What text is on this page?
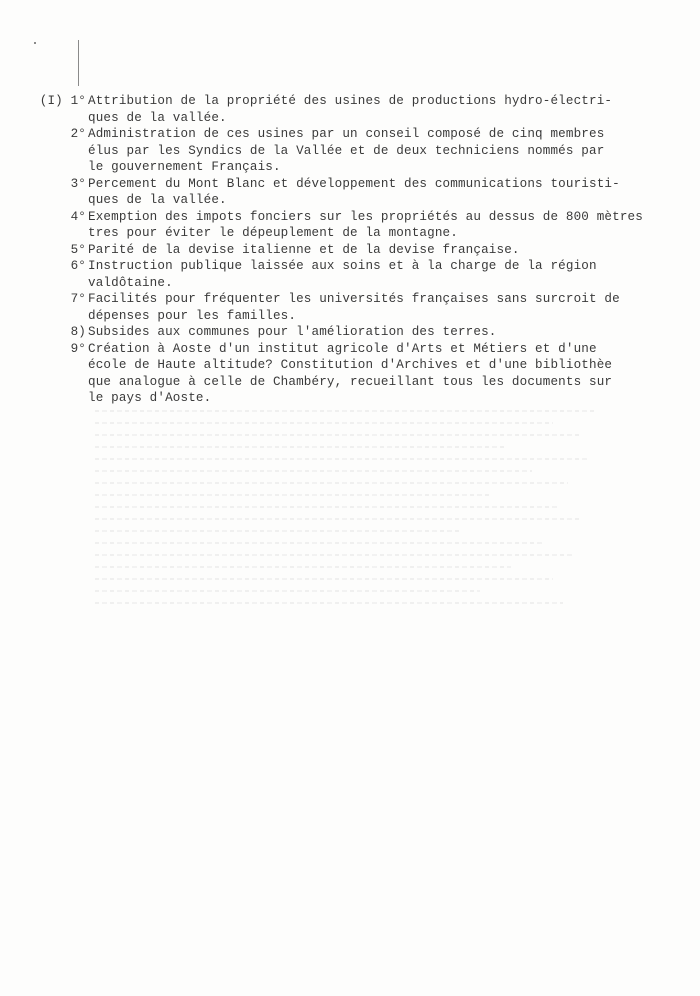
(I) 1° Attribution de la propriété des usines de productions hydro-électri-
ques de la vallée.
2° Administration de ces usines par un conseil composé de cinq membres
élus par les Syndics de la Vallée et de deux techniciens nommés par
le gouvernement Français.
3° Percement du Mont Blanc et développement des communications touristi-
ques de la vallée.
4° Exemption des impots fonciers sur les propriétés au dessus de 800 mètres
tres pour éviter le dépeuplement de la montagne.
5° Parité de la devise italienne et de la devise française.
6° Instruction publique laissée aux soins et à la charge de la région
valdôtaine.
7° Facilités pour fréquenter les universités françaises sans surcroit de
dépenses pour les familles.
8) Subsides aux communes pour l'amélioration des terres.
9° Création à Aoste d'un institut agricole d'Arts et Métiers et d'une
école de Haute altitude? Constitution d'Archives et d'une bibliothèe
que analogue à celle de Chambéry, recueillant tous les documents sur
le pays d'Aoste.
